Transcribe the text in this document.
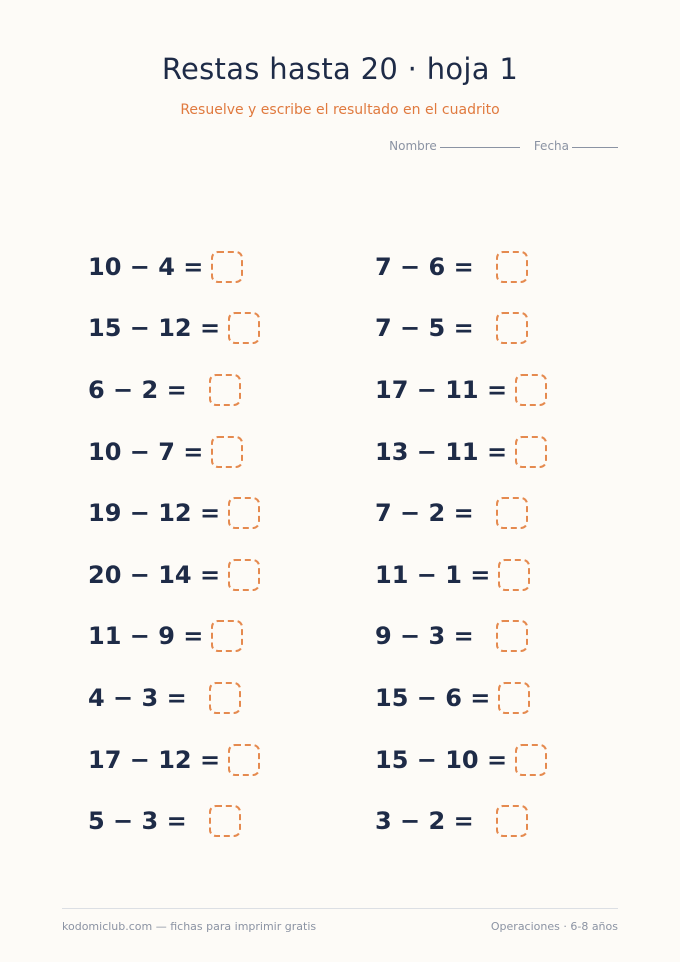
Restas hasta 20 · hoja 1
Resuelve y escribe el resultado en el cuadrito
Nombre	Fecha
10 − 4 =
15 − 12 =
6 − 2 =
10 − 7 =
19 − 12 =
20 − 14 =
11 − 9 =
4 − 3 =
17 − 12 =
5 − 3 =
7 − 6 =
7 − 5 =
17 − 11 =
13 − 11 =
7 − 2 =
11 − 1 =
9 − 3 =
15 − 6 =
15 − 10 =
3 − 2 =
kodomiclub.com — fichas para imprimir gratis	Operaciones · 6-8 años
